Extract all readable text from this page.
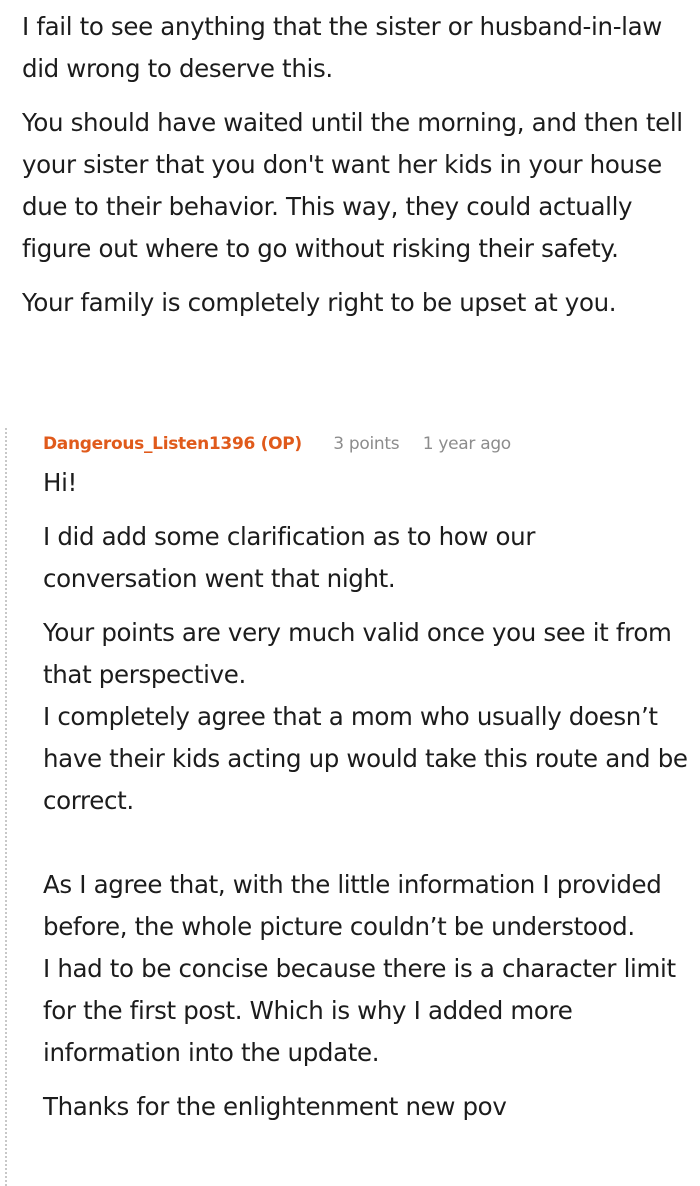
I fail to see anything that the sister or husband-in-law did wrong to deserve this.

You should have waited until the morning, and then tell your sister that you don't want her kids in your house due to their behavior. This way, they could actually figure out where to go without risking their safety.

Your family is completely right to be upset at you.

Dangerous_Listen1396 (OP) 3 points 1 year ago

Hi!

I did add some clarification as to how our conversation went that night.

Your points are very much valid once you see it from that perspective.

I completely agree that a mom who usually doesn’t have their kids acting up would take this route and be correct.

As I agree that, with the little information I provided before, the whole picture couldn’t be understood.

I had to be concise because there is a character limit for the first post. Which is why I added more information into the update.

Thanks for the enlightenment new pov
